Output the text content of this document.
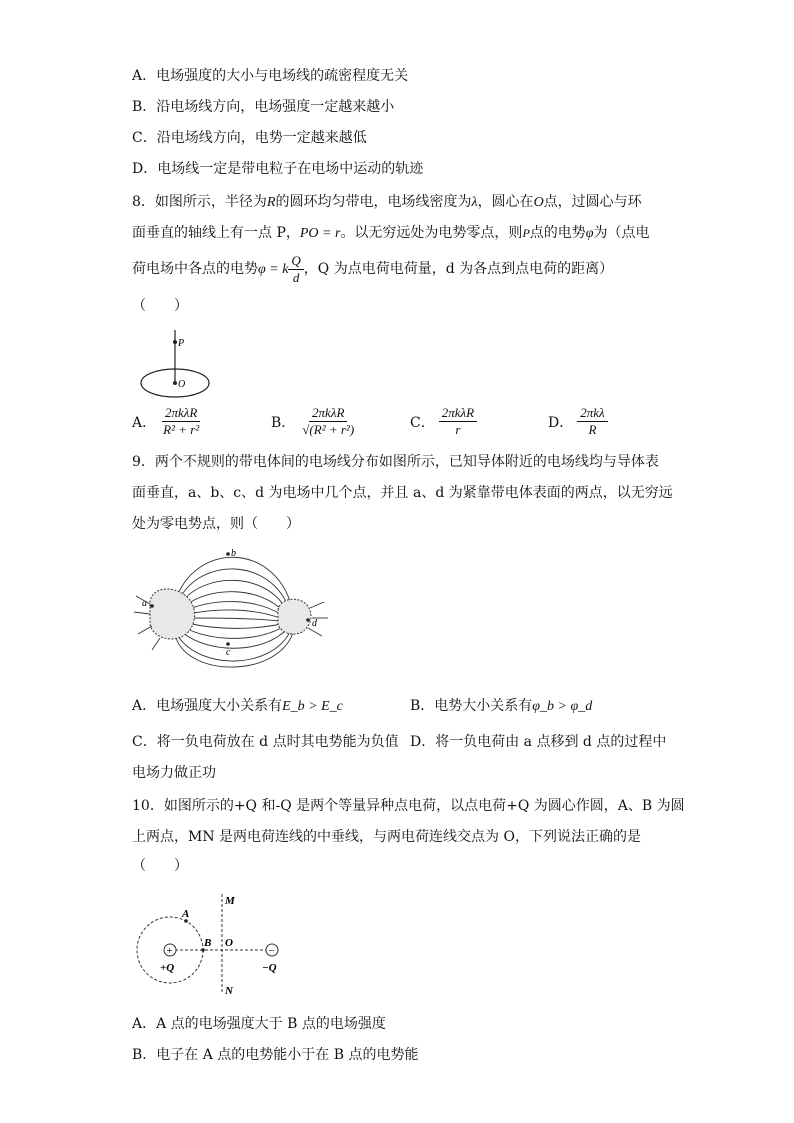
A．电场强度的大小与电场线的疏密程度无关
B．沿电场线方向，电场强度一定越来越小
C．沿电场线方向，电势一定越来越低
D．电场线一定是带电粒子在电场中运动的轨迹
8．如图所示，半径为R的圆环均匀带电，电场线密度为λ，圆心在O点，过圆心与环
面垂直的轴线上有一点 P，PO = r。以无穷远处为电势零点，则P点的电势φ为（点电
荷电场中各点的电势φ = k $\frac{Q}{d}$ ，Q 为点电荷电荷量，d 为各点到点电荷的距离）
（　　）
P
O
A． $\frac{\text{2πkλR}}{\text{R² + r²}}$	B． $\frac{\text{2πkλR}}{\text{√(R² + r²)}}$	C． $\frac{\text{2πkλR}}{r}$	D． $\frac{\text{2πkλ}}{R}$
9．两个不规则的带电体间的电场线分布如图所示，已知导体附近的电场线均与导体表
面垂直，a、b、c、d 为电场中几个点，并且 a、d 为紧靠带电体表面的两点，以无穷远
处为零电势点，则（　　）
b
a
c
d
A．电场强度大小关系有E_b > E_c	B．电势大小关系有φ_b > φ_d
C．将一负电荷放在 d 点时其电势能为负值 D．将一负电荷由 a 点移到 d 点的过程中
电场力做正功
10．如图所示的+Q 和-Q 是两个等量异种点电荷，以点电荷+Q 为圆心作圆，A、B 为圆
上两点，MN 是两电荷连线的中垂线，与两电荷连线交点为 O，下列说法正确的是
（　　）
+	−
A
B O
M
N
+Q	−Q
A．A 点的电场强度大于 B 点的电场强度
B．电子在 A 点的电势能小于在 B 点的电势能
